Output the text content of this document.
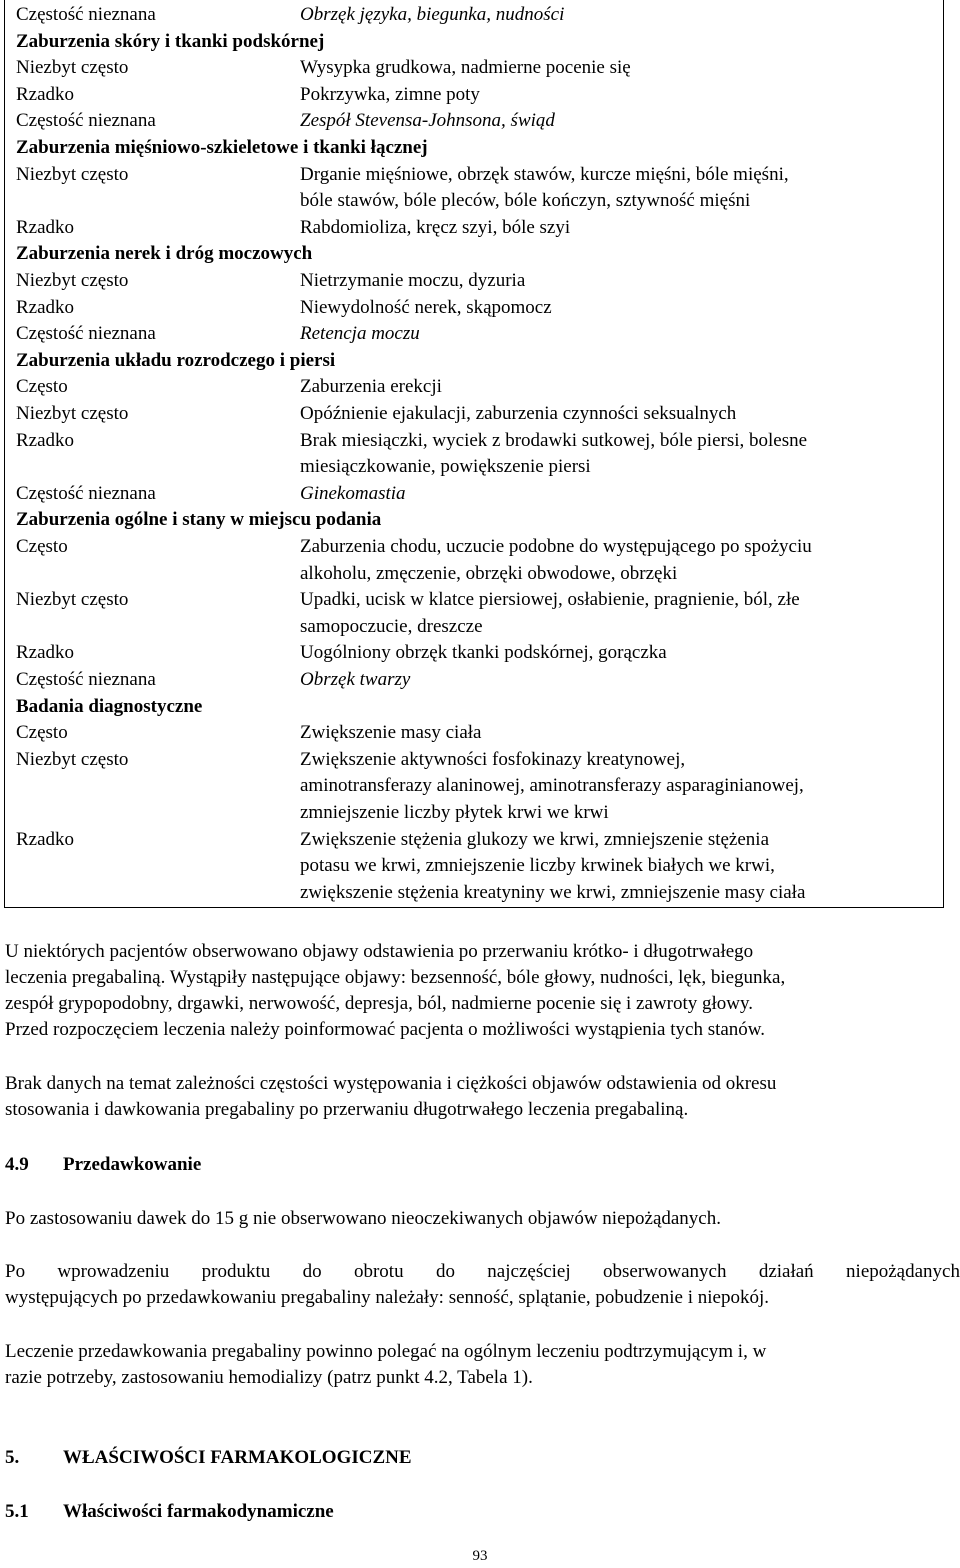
Częstość nieznana	Obrzęk języka, biegunka, nudności
Zaburzenia skóry i tkanki podskórnej
Niezbyt często	Wysypka grudkowa, nadmierne pocenie się
Rzadko	Pokrzywka, zimne poty
Częstość nieznana	Zespół Stevensa-Johnsona, świąd
Zaburzenia mięśniowo-szkieletowe i tkanki łącznej
Niezbyt często	Drganie mięśniowe, obrzęk stawów, kurcze mięśni, bóle mięśni,
bóle stawów, bóle pleców, bóle kończyn, sztywność mięśni
Rzadko	Rabdomioliza, kręcz szyi, bóle szyi
Zaburzenia nerek i dróg moczowych
Niezbyt często	Nietrzymanie moczu, dyzuria
Rzadko	Niewydolność nerek, skąpomocz
Częstość nieznana	Retencja moczu
Zaburzenia układu rozrodczego i piersi
Często	Zaburzenia erekcji
Niezbyt często	Opóźnienie ejakulacji, zaburzenia czynności seksualnych
Rzadko	Brak miesiączki, wyciek z brodawki sutkowej, bóle piersi, bolesne
miesiączkowanie, powiększenie piersi
Częstość nieznana	Ginekomastia
Zaburzenia ogólne i stany w miejscu podania
Często	Zaburzenia chodu, uczucie podobne do występującego po spożyciu
alkoholu, zmęczenie, obrzęki obwodowe, obrzęki
Niezbyt często	Upadki, ucisk w klatce piersiowej, osłabienie, pragnienie, ból, złe
samopoczucie, dreszcze
Rzadko	Uogólniony obrzęk tkanki podskórnej, gorączka
Częstość nieznana	Obrzęk twarzy
Badania diagnostyczne
Często	Zwiększenie masy ciała
Niezbyt często	Zwiększenie aktywności fosfokinazy kreatynowej,
aminotransferazy alaninowej, aminotransferazy asparaginianowej,
zmniejszenie liczby płytek krwi we krwi
Rzadko	Zwiększenie stężenia glukozy we krwi, zmniejszenie stężenia
potasu we krwi, zmniejszenie liczby krwinek białych we krwi,
zwiększenie stężenia kreatyniny we krwi, zmniejszenie masy ciała
U niektórych pacjentów obserwowano objawy odstawienia po przerwaniu krótko- i długotrwałego
leczenia pregabaliną. Wystąpiły następujące objawy: bezsenność, bóle głowy, nudności, lęk, biegunka,
zespół grypopodobny, drgawki, nerwowość, depresja, ból, nadmierne pocenie się i zawroty głowy.
Przed rozpoczęciem leczenia należy poinformować pacjenta o możliwości wystąpienia tych stanów.
Brak danych na temat zależności częstości występowania i ciężkości objawów odstawienia od okresu
stosowania i dawkowania pregabaliny po przerwaniu długotrwałego leczenia pregabaliną.
4.9 Przedawkowanie
Po zastosowaniu dawek do 15 g nie obserwowano nieoczekiwanych objawów niepożądanych.
Po wprowadzeniu produktu do obrotu do najczęściej obserwowanych działań niepożądanych
występujących po przedawkowaniu pregabaliny należały: senność, splątanie, pobudzenie i niepokój.
Leczenie przedawkowania pregabaliny powinno polegać na ogólnym leczeniu podtrzymującym i, w
razie potrzeby, zastosowaniu hemodializy (patrz punkt 4.2, Tabela 1).
5. WŁAŚCIWOŚCI FARMAKOLOGICZNE
5.1 Właściwości farmakodynamiczne
93
